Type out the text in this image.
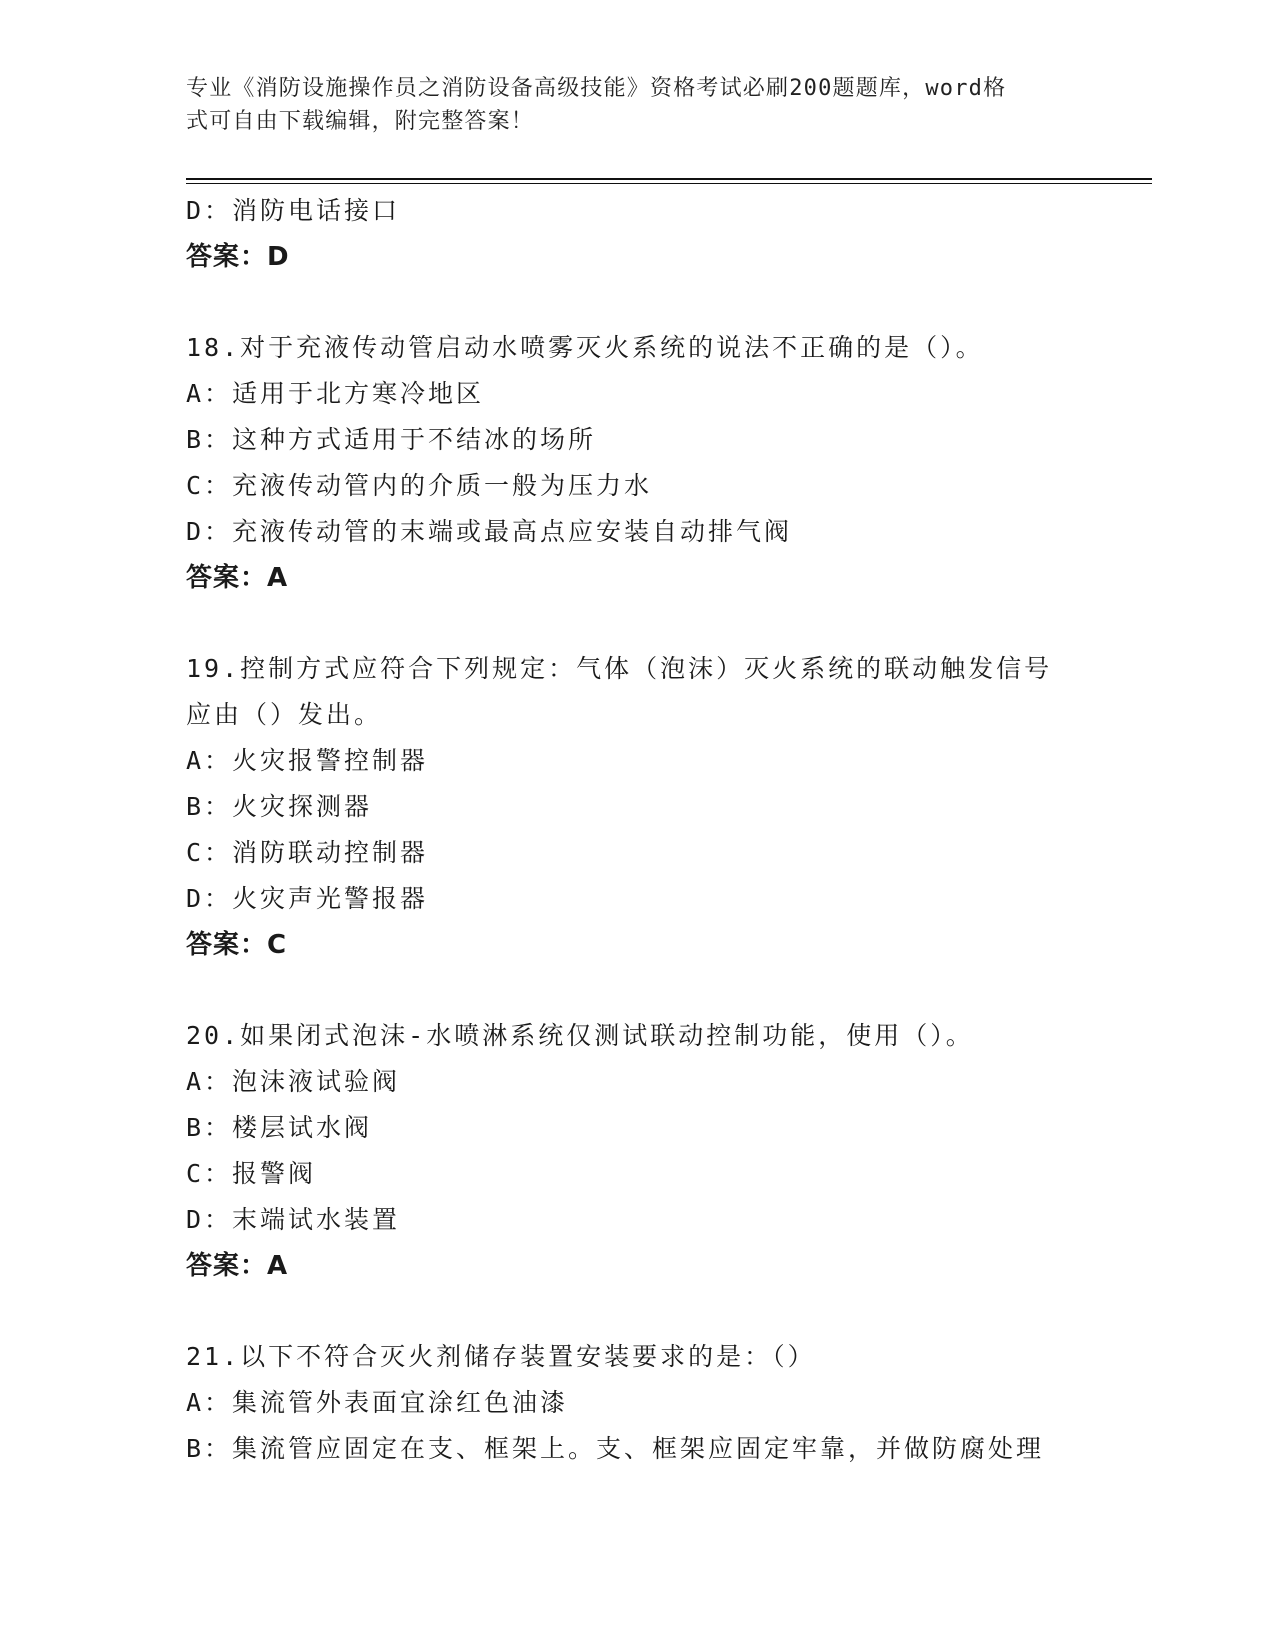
专业《消防设施操作员之消防设备高级技能》资格考试必刷200题题库，word格
式可自由下载编辑，附完整答案！
D：消防电话接口
答案：D
18.对于充液传动管启动水喷雾灭火系统的说法不正确的是（）。
A：适用于北方寒冷地区
B：这种方式适用于不结冰的场所
C：充液传动管内的介质一般为压力水
D：充液传动管的末端或最高点应安装自动排气阀
答案：A
19.控制方式应符合下列规定：气体（泡沫）灭火系统的联动触发信号
应由（）发出。
A：火灾报警控制器
B：火灾探测器
C：消防联动控制器
D：火灾声光警报器
答案：C
20.如果闭式泡沫-水喷淋系统仅测试联动控制功能，使用（）。
A：泡沫液试验阀
B：楼层试水阀
C：报警阀
D：末端试水装置
答案：A
21.以下不符合灭火剂储存装置安装要求的是：（）
A：集流管外表面宜涂红色油漆
B：集流管应固定在支、框架上。支、框架应固定牢靠，并做防腐处理
